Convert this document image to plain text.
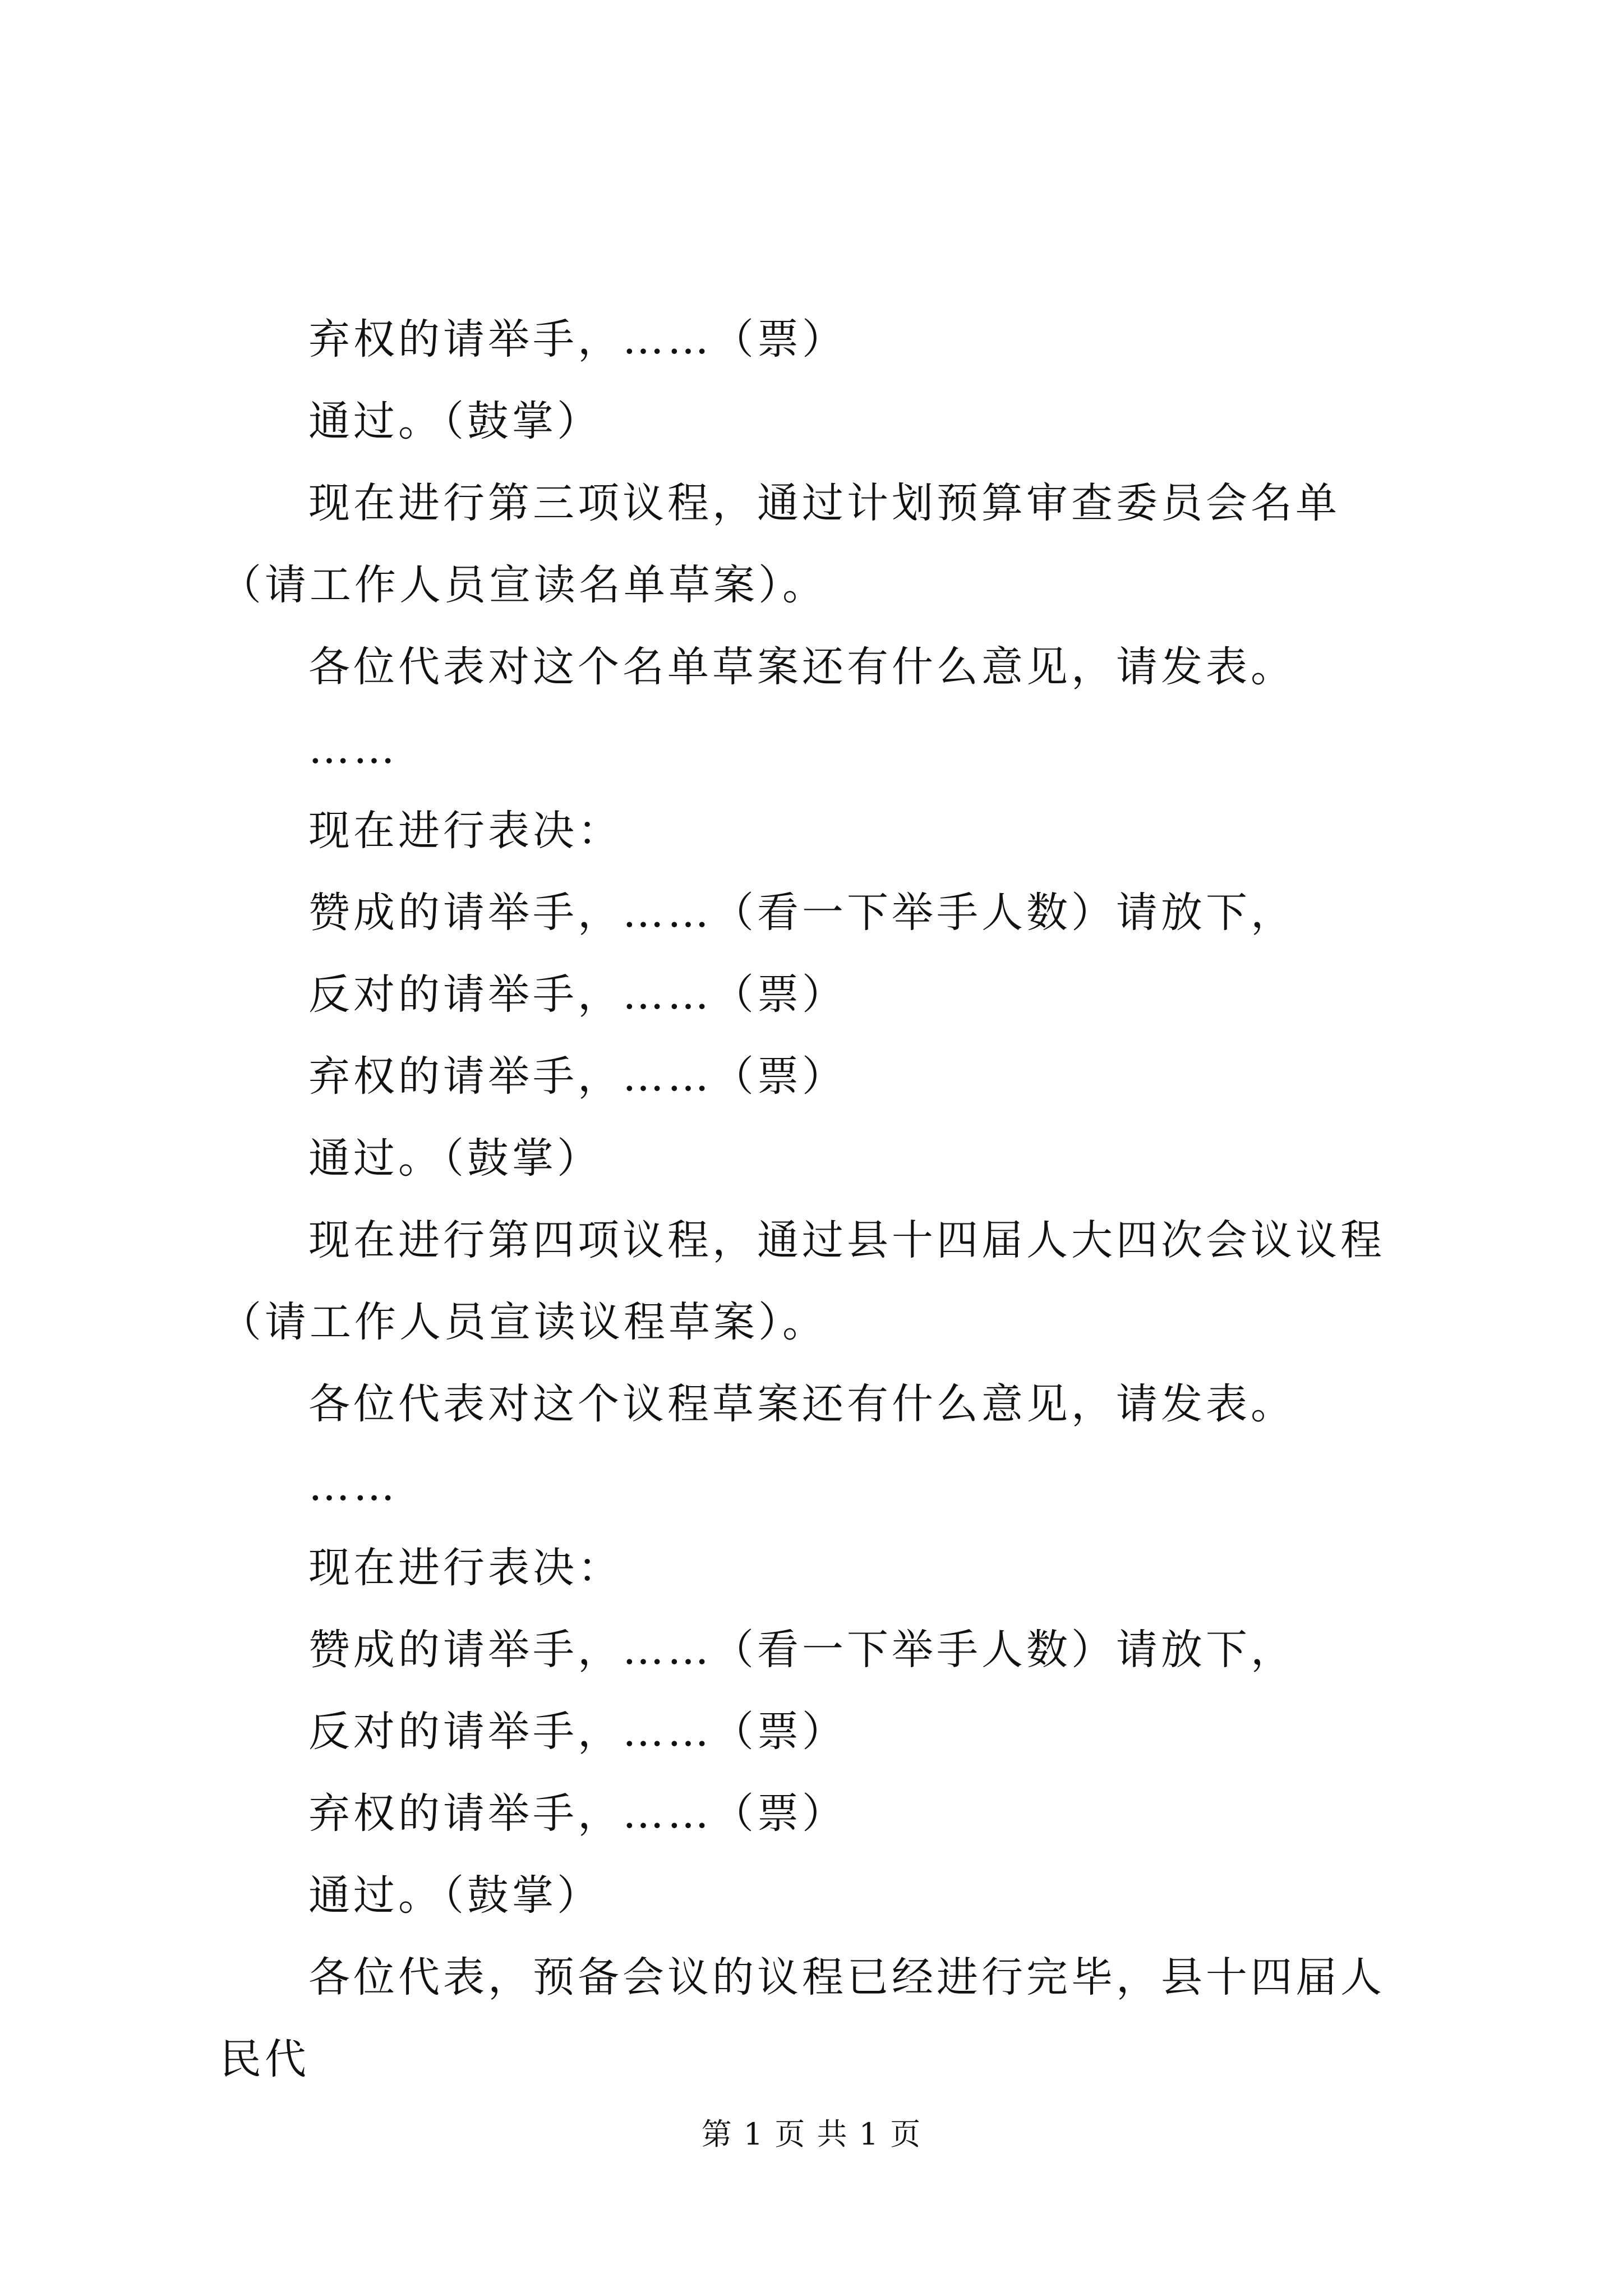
弃权的请举手，……（票）

通过。（鼓掌）

现在进行第三项议程，通过计划预算审查委员会名单（请工作人员宣读名单草案）。

各位代表对这个名单草案还有什么意见，请发表。

……

现在进行表决：

赞成的请举手，……（看一下举手人数）请放下，

反对的请举手，……（票）

弃权的请举手，……（票）

通过。（鼓掌）

现在进行第四项议程，通过县十四届人大四次会议议程（请工作人员宣读议程草案）。

各位代表对这个议程草案还有什么意见，请发表。

……

现在进行表决：

赞成的请举手，……（看一下举手人数）请放下，

反对的请举手，……（票）

弃权的请举手，……（票）

通过。（鼓掌）

各位代表，预备会议的议程已经进行完毕，县十四届人民代

第 1 页 共 1 页
